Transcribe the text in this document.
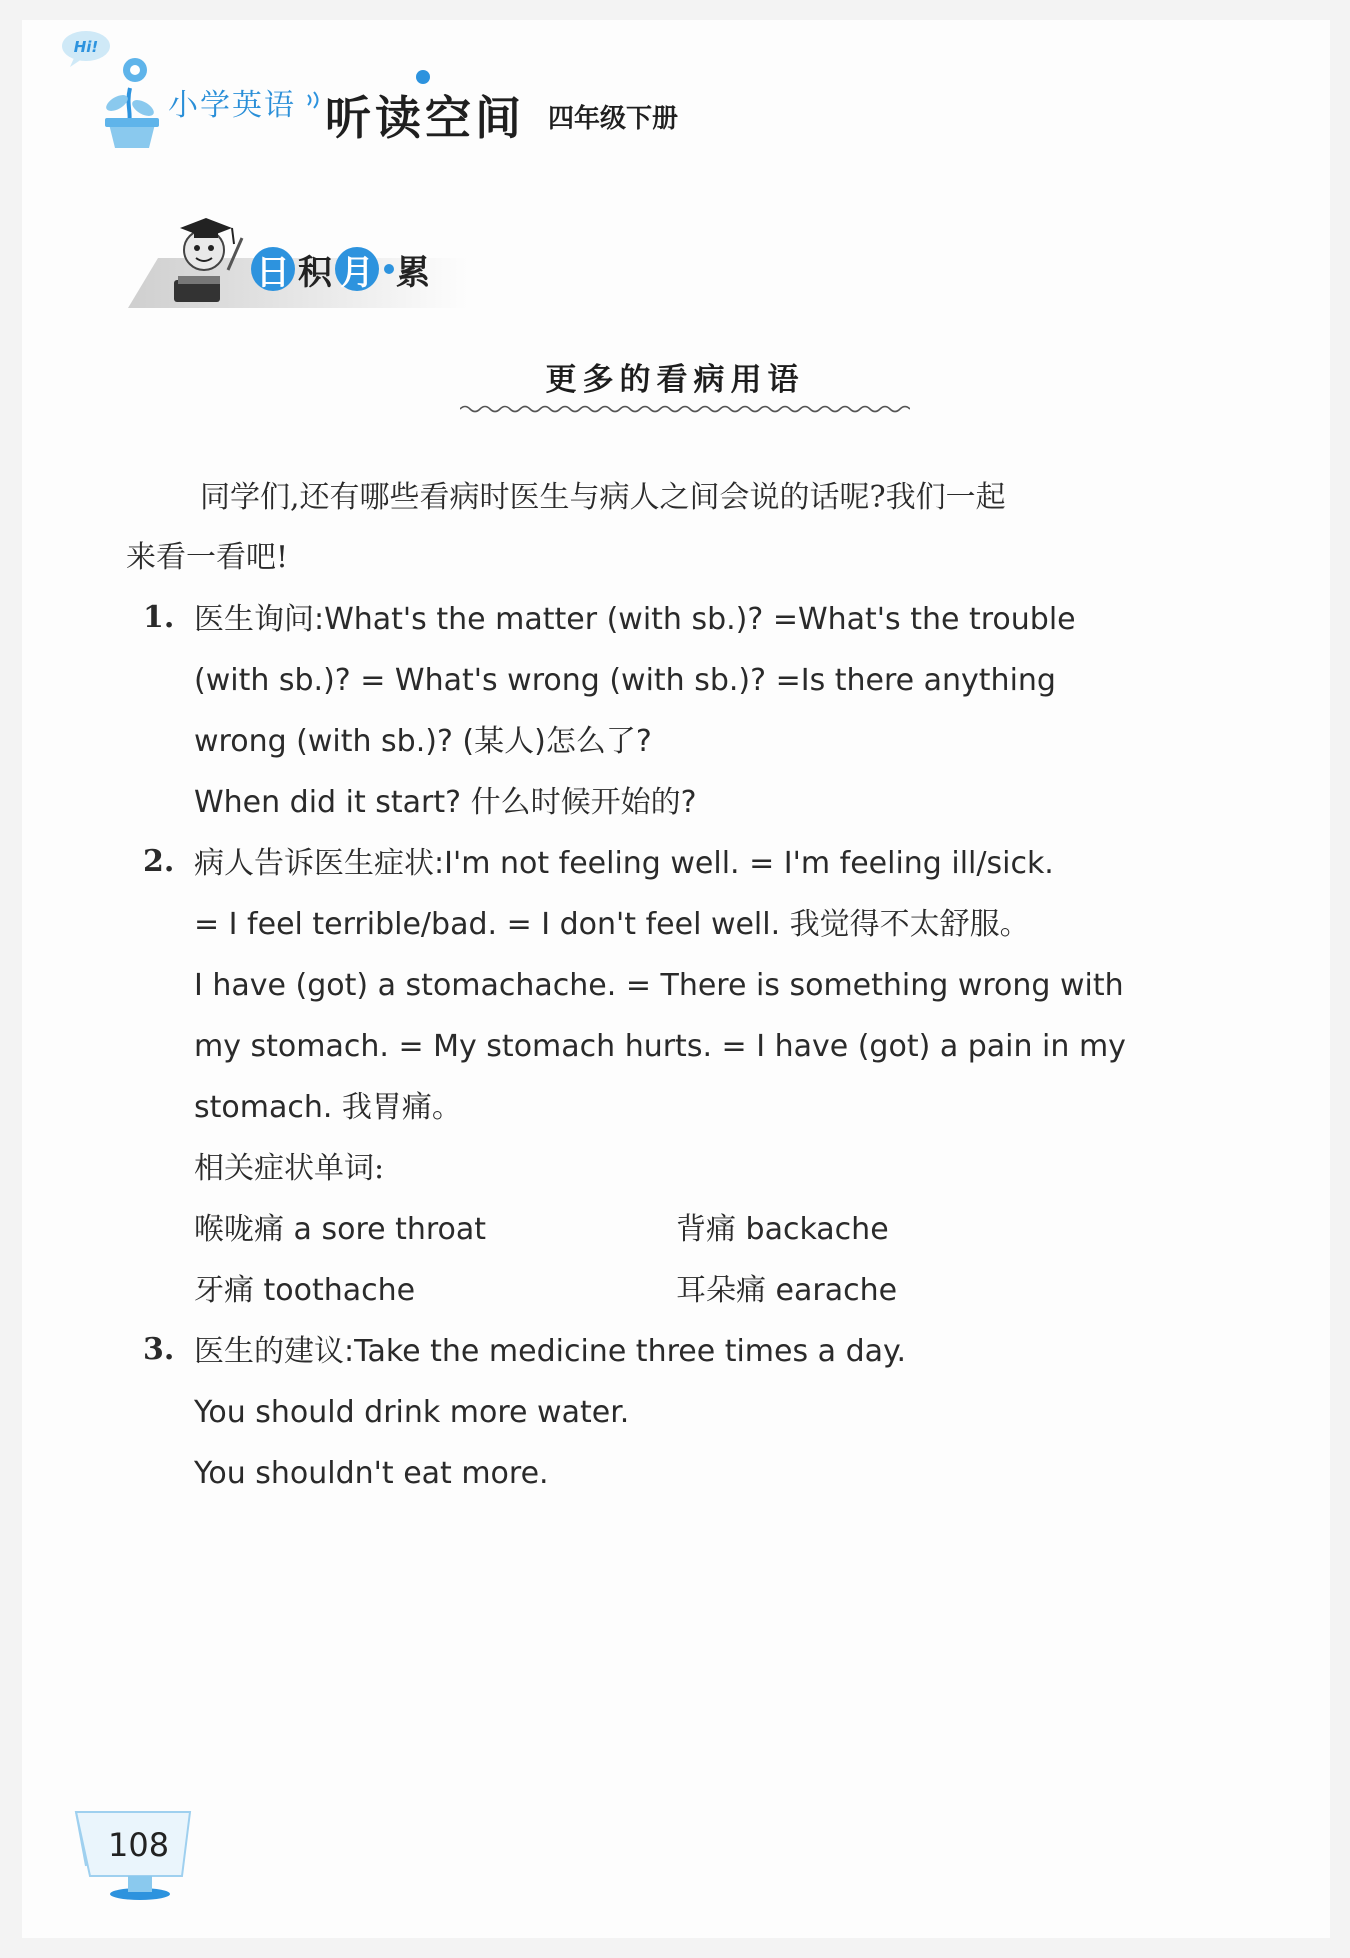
Hi!
小学英语 听读空间 四年级下册
日 积 月 累
更多的看病用语
同学们,还有哪些看病时医生与病人之间会说的话呢?我们一起
来看一看吧!
1. 医生询问:What's the matter (with sb.)? =What's the trouble
(with sb.)? = What's wrong (with sb.)? =Is there anything
wrong (with sb.)? (某人)怎么了?
When did it start? 什么时候开始的?
2. 病人告诉医生症状:I'm not feeling well. = I'm feeling ill/sick.
= I feel terrible/bad. = I don't feel well. 我觉得不太舒服。
I have (got) a stomachache. = There is something wrong with
my stomach. = My stomach hurts. = I have (got) a pain in my
stomach. 我胃痛。
相关症状单词:
喉咙痛 a sore throat	背痛 backache
牙痛 toothache	耳朵痛 earache
3. 医生的建议:Take the medicine three times a day.
You should drink more water.
You shouldn't eat more.
108
